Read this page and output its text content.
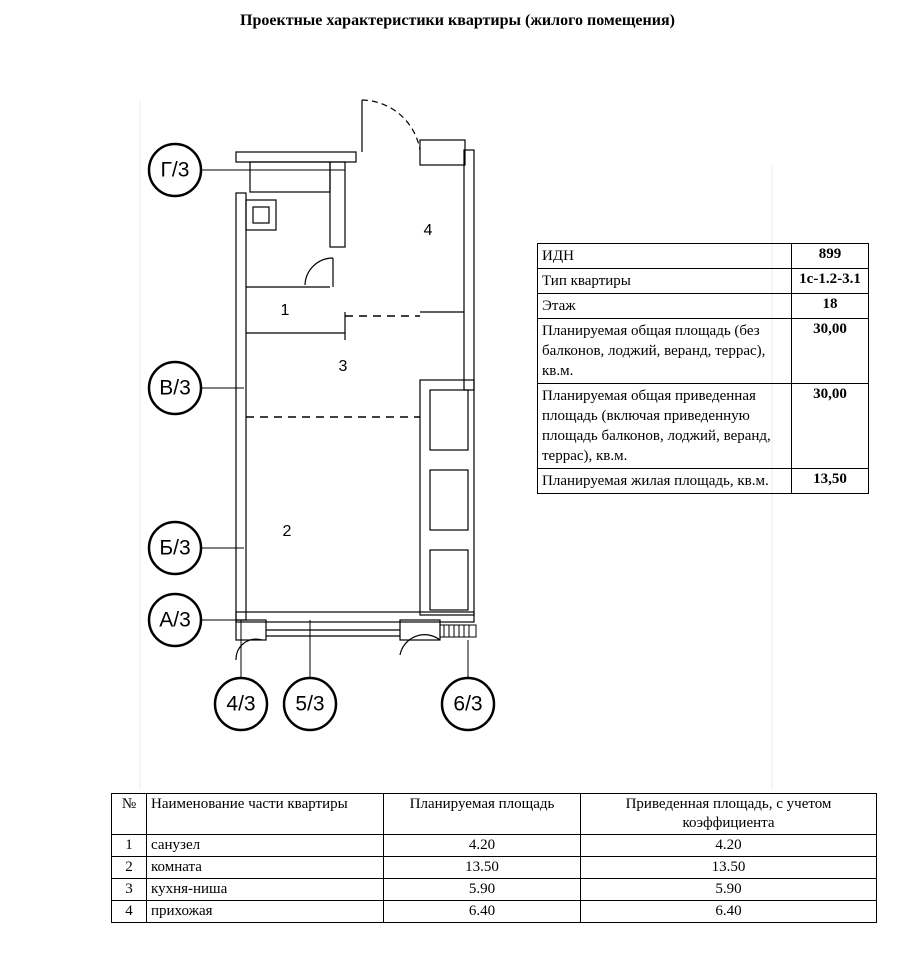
Проектные характеристики квартиры (жилого помещения)
Г/3
В/3
Б/3
А/3
4/3 5/3	6/3
1
2
3
4
ИДН	899
Тип квартиры	1с-1.2-3.1
Этаж	18
Планируемая общая площадь (без балконов, лоджий, веранд, террас), кв.м.	30,00
Планируемая общая приведенная площадь (включая приведенную площадь балконов, лоджий, веранд, террас), кв.м.	30,00
Планируемая жилая площадь, кв.м.	13,50
№	Наименование части квартиры	Планируемая площадь	Приведенная площадь, с учетом коэффициента
1	санузел	4.20	4.20
2	комната	13.50	13.50
3	кухня-ниша	5.90	5.90
4	прихожая	6.40	6.40
